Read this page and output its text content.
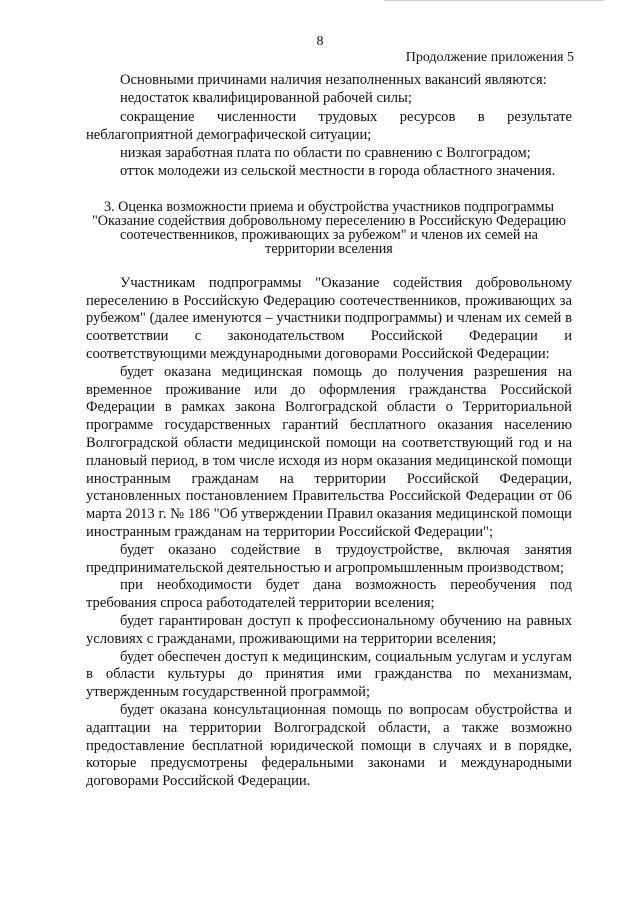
8
Продолжение приложения 5

Основными причинами наличия незаполненных вакансий являются:

недостаток квалифицированной рабочей силы;

сокращение численности трудовых ресурсов в результате неблагоприятной демографической ситуации;

низкая заработная плата по области по сравнению с Волгоградом;

отток молодежи из сельской местности в города областного значения.

3. Оценка возможности приема и обустройства участников подпрограммы "Оказание содействия добровольному переселению в Российскую Федерацию соотечественников, проживающих за рубежом" и членов их семей на территории вселения

Участникам подпрограммы "Оказание содействия добровольному переселению в Российскую Федерацию соотечественников, проживающих за рубежом" (далее именуются – участники подпрограммы) и членам их семей в соответствии с законодательством Российской Федерации и соответствующими международными договорами Российской Федерации:

будет оказана медицинская помощь до получения разрешения на временное проживание или до оформления гражданства Российской Федерации в рамках закона Волгоградской области о Территориальной программе государственных гарантий бесплатного оказания населению Волгоградской области медицинской помощи на соответствующий год и на плановый период, в том числе исходя из норм оказания медицинской помощи иностранным гражданам на территории Российской Федерации, установленных постановлением Правительства Российской Федерации от 06 марта 2013 г. № 186 "Об утверждении Правил оказания медицинской помощи иностранным гражданам на территории Российской Федерации";

будет оказано содействие в трудоустройстве, включая занятия предпринимательской деятельностью и агропромышленным производством;

при необходимости будет дана возможность переобучения под требования спроса работодателей территории вселения;

будет гарантирован доступ к профессиональному обучению на равных условиях с гражданами, проживающими на территории вселения;

будет обеспечен доступ к медицинским, социальным услугам и услугам в области культуры до принятия ими гражданства по механизмам, утвержденным государственной программой;

будет оказана консультационная помощь по вопросам обустройства и адаптации на территории Волгоградской области, а также возможно предоставление бесплатной юридической помощи в случаях и в порядке, которые предусмотрены федеральными законами и международными договорами Российской Федерации.
